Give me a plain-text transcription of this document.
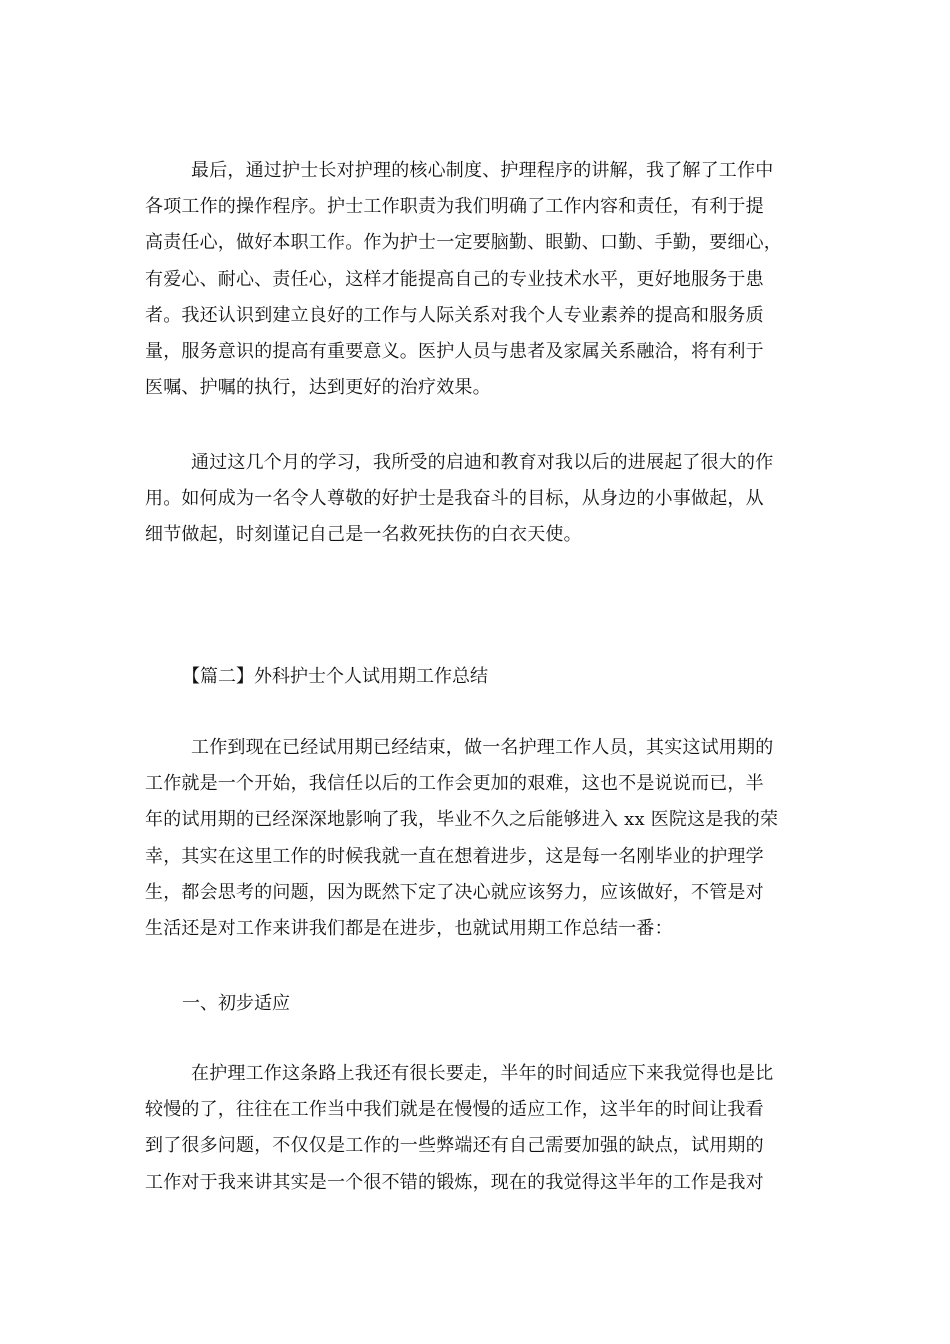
最后，通过护士长对护理的核心制度、护理程序的讲解，我了解了工作中
各项工作的操作程序。护士工作职责为我们明确了工作内容和责任，有利于提
高责任心，做好本职工作。作为护士一定要脑勤、眼勤、口勤、手勤，要细心，
有爱心、耐心、责任心，这样才能提高自己的专业技术水平，更好地服务于患
者。我还认识到建立良好的工作与人际关系对我个人专业素养的提高和服务质
量，服务意识的提高有重要意义。医护人员与患者及家属关系融洽，将有利于
医嘱、护嘱的执行，达到更好的治疗效果。
通过这几个月的学习，我所受的启迪和教育对我以后的进展起了很大的作
用。如何成为一名令人尊敬的好护士是我奋斗的目标，从身边的小事做起，从
细节做起，时刻谨记自己是一名救死扶伤的白衣天使。
【篇二】外科护士个人试用期工作总结
工作到现在已经试用期已经结束，做一名护理工作人员，其实这试用期的
工作就是一个开始，我信任以后的工作会更加的艰难，这也不是说说而已，半
年的试用期的已经深深地影响了我，毕业不久之后能够进入 xx 医院这是我的荣
幸，其实在这里工作的时候我就一直在想着进步，这是每一名刚毕业的护理学
生，都会思考的问题，因为既然下定了决心就应该努力，应该做好，不管是对
生活还是对工作来讲我们都是在进步，也就试用期工作总结一番：
一、初步适应
在护理工作这条路上我还有很长要走，半年的时间适应下来我觉得也是比
较慢的了，往往在工作当中我们就是在慢慢的适应工作，这半年的时间让我看
到了很多问题，不仅仅是工作的一些弊端还有自己需要加强的缺点，试用期的
工作对于我来讲其实是一个很不错的锻炼，现在的我觉得这半年的工作是我对
